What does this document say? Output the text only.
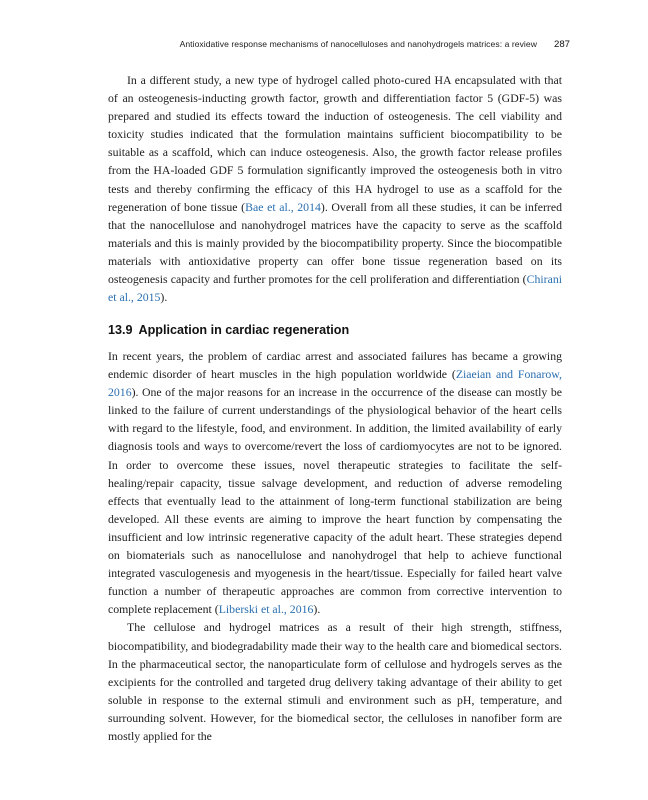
Antioxidative response mechanisms of nanocelluloses and nanohydrogels matrices: a review 287

In a different study, a new type of hydrogel called photo-cured HA encapsulated with that of an osteogenesis-inducting growth factor, growth and differentiation factor 5 (GDF-5) was prepared and studied its effects toward the induction of osteogenesis. The cell viability and toxicity studies indicated that the formulation maintains sufficient biocompatibility to be suitable as a scaffold, which can induce osteogenesis. Also, the growth factor release profiles from the HA-loaded GDF 5 formulation significantly improved the osteogenesis both in vitro tests and thereby confirming the efficacy of this HA hydrogel to use as a scaffold for the regeneration of bone tissue (Bae et al., 2014). Overall from all these studies, it can be inferred that the nanocellulose and nanohydrogel matrices have the capacity to serve as the scaffold materials and this is mainly provided by the biocompatibility property. Since the biocompatible materials with antioxidative property can offer bone tissue regeneration based on its osteogenesis capacity and further promotes for the cell proliferation and differentiation (Chirani et al., 2015).

13.9 Application in cardiac regeneration

In recent years, the problem of cardiac arrest and associated failures has became a growing endemic disorder of heart muscles in the high population worldwide (Ziaeian and Fonarow, 2016). One of the major reasons for an increase in the occurrence of the disease can mostly be linked to the failure of current understandings of the physiological behavior of the heart cells with regard to the lifestyle, food, and environment. In addition, the limited availability of early diagnosis tools and ways to overcome/revert the loss of cardiomyocytes are not to be ignored. In order to overcome these issues, novel therapeutic strategies to facilitate the self-healing/repair capacity, tissue salvage development, and reduction of adverse remodeling effects that eventually lead to the attainment of long-term functional stabilization are being developed. All these events are aiming to improve the heart function by compensating the insufficient and low intrinsic regenerative capacity of the adult heart. These strategies depend on biomaterials such as nanocellulose and nanohydrogel that help to achieve functional integrated vasculogenesis and myogenesis in the heart/tissue. Especially for failed heart valve function a number of therapeutic approaches are common from corrective intervention to complete replacement (Liberski et al., 2016).

The cellulose and hydrogel matrices as a result of their high strength, stiffness, biocompatibility, and biodegradability made their way to the health care and biomedical sectors. In the pharmaceutical sector, the nanoparticulate form of cellulose and hydrogels serves as the excipients for the controlled and targeted drug delivery taking advantage of their ability to get soluble in response to the external stimuli and environment such as pH, temperature, and surrounding solvent. However, for the biomedical sector, the celluloses in nanofiber form are mostly applied for the
